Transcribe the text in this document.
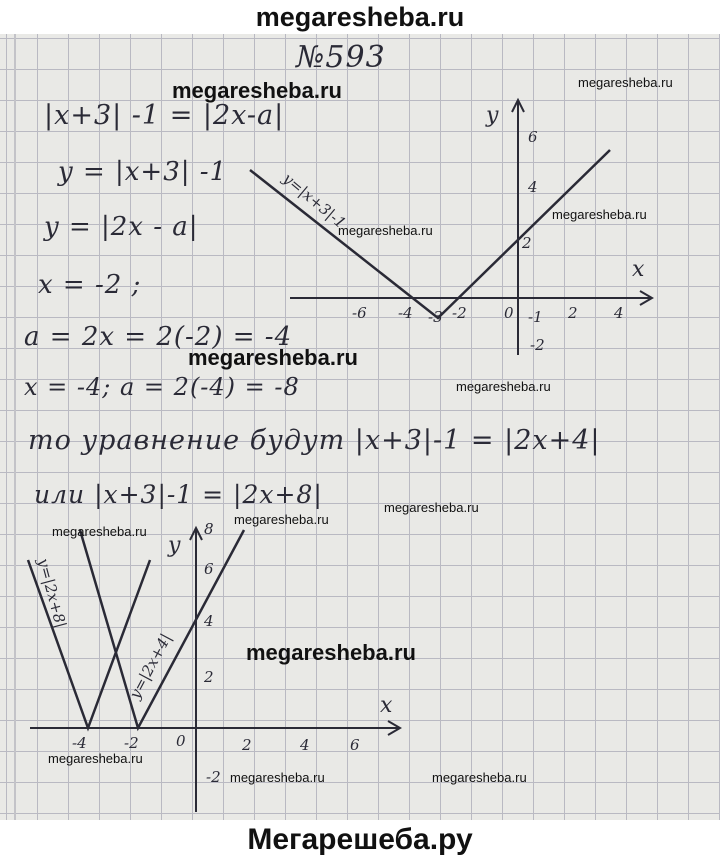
megaresheba.ru
№593
|x+3| -1 = |2x-a|
y = |x+3| -1
y = |2x - a|
x = -2 ;
a = 2x = 2(-2) = -4
x = -4; a = 2(-4) = -8
то уравнение будут |x+3|-1 = |2x+4|
или |x+3|-1 = |2x+8|
x
y
-6 -4 -3 -2 0 -1 2 4
6
4
2
-2
y=|x+3|-1
x
y
-4 -2 0	2	4	6
8
6
4
2
-2
y=|2x+4|
y=|2x+8|
megaresheba.ru
megaresheba.ru
megaresheba.ru
megaresheba.ru
megaresheba.ru
megaresheba.ru
megaresheba.ru
megaresheba.ru
megaresheba.ru
megaresheba.ru
megaresheba.ru
megaresheba.ru	megaresheba.ru
Мегарешеба.ру
